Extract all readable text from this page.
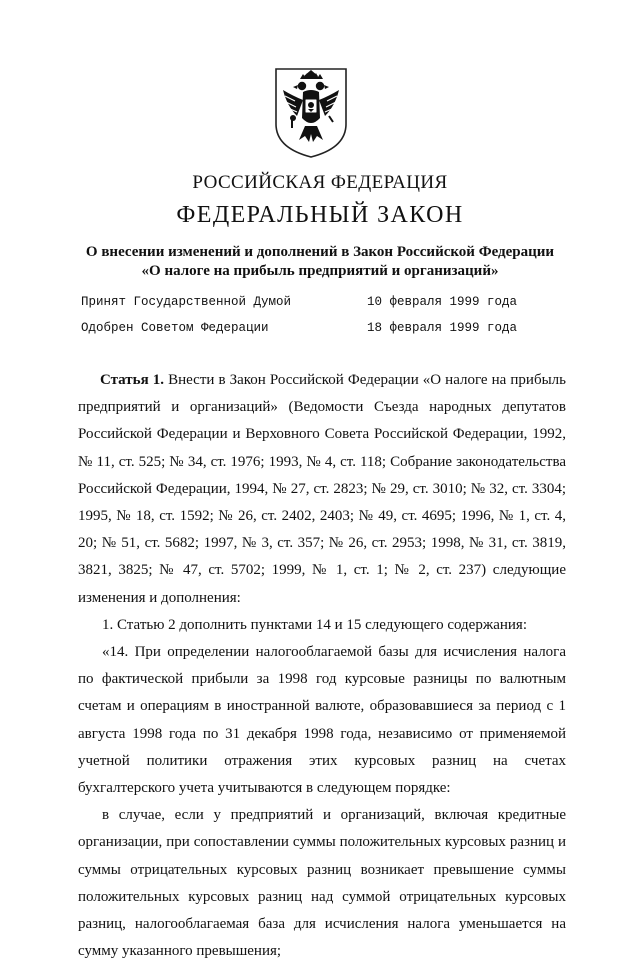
РОССИЙСКАЯ ФЕДЕРАЦИЯ
ФЕДЕРАЛЬНЫЙ ЗАКОН
О внесении изменений и дополнений в Закон Российской Федерации
«О налоге на прибыль предприятий и организаций»
Принят Государственной Думой	10 февраля 1999 года
Одобрен Советом Федерации	18 февраля 1999 года

Статья 1. Внести в Закон Российской Федерации «О налоге на прибыль предприятий и организаций» (Ведомости Съезда народных депутатов Российской Федерации и Верховного Совета Российской Федерации, 1992, № 11, ст. 525; № 34, ст. 1976; 1993, № 4, ст. 118; Собрание законодательства Российской Федерации, 1994, № 27, ст. 2823; № 29, ст. 3010; № 32, ст. 3304; 1995, № 18, ст. 1592; № 26, ст. 2402, 2403; № 49, ст. 4695; 1996, № 1, ст. 4, 20; № 51, ст. 5682; 1997, № 3, ст. 357; № 26, ст. 2953; 1998, № 31, ст. 3819, 3821, 3825; № 47, ст. 5702; 1999, № 1, ст. 1; № 2, ст. 237) следующие изменения и дополнения:

1. Статью 2 дополнить пунктами 14 и 15 следующего содержания:

«14. При определении налогооблагаемой базы для исчисления налога по фактической прибыли за 1998 год курсовые разницы по валютным счетам и операциям в иностранной валюте, образовавшиеся за период с 1 августа 1998 года по 31 декабря 1998 года, независимо от применяемой учетной политики отражения этих курсовых разниц на счетах бухгалтерского учета учитываются в следующем порядке:

в случае, если у предприятий и организаций, включая кредитные организации, при сопоставлении суммы положительных курсовых разниц и суммы отрицательных курсовых разниц возникает превышение суммы положительных курсовых разниц над суммой отрицательных курсовых разниц, налогооблагаемая база для исчисления налога уменьшается на сумму указанного превышения;
